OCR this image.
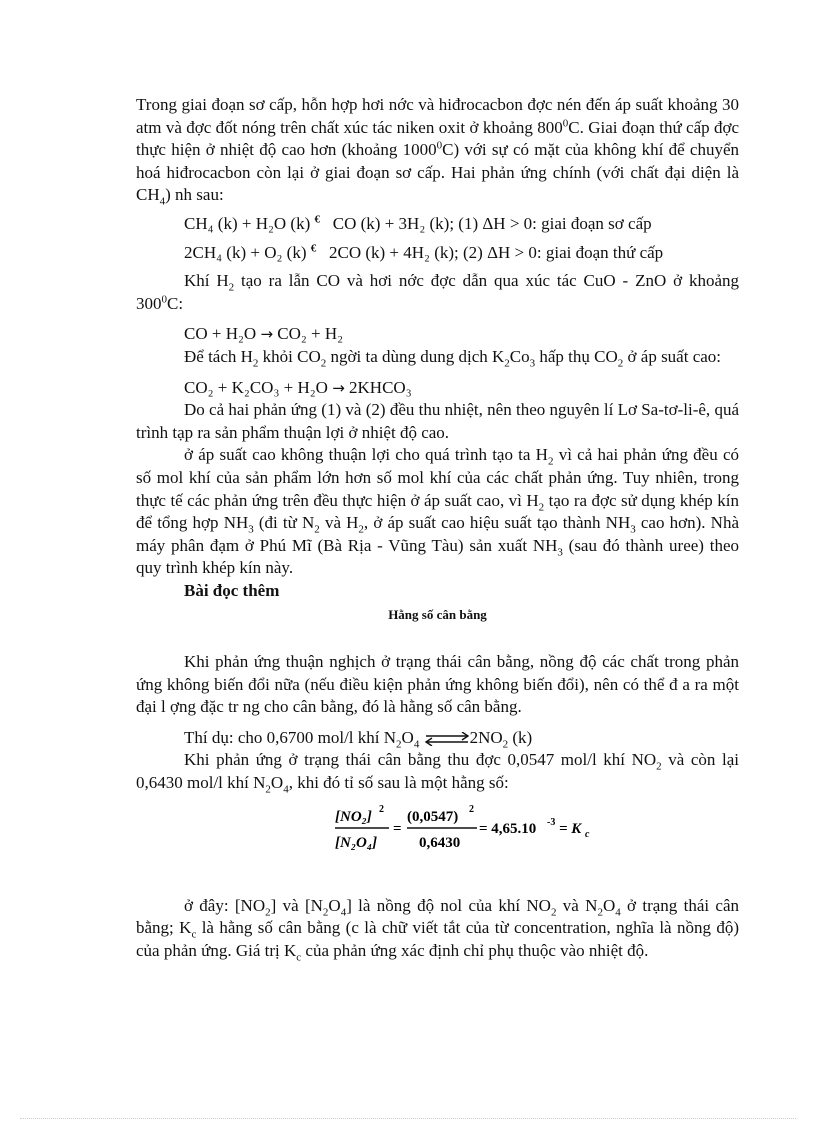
Trong giai đoạn sơ cấp, hỗn hợp hơi nớc và hiđrocacbon đợc nén đến áp suất khoảng 30 atm và đợc đốt nóng trên chất xúc tác niken oxit ở khoảng $800^0C$. Giai đoạn thứ cấp đợc thực hiện ở nhiệt độ cao hơn (khoảng 1000$^0$C) với sự có mặt của không khí để chuyển hoá hiđrocacbon còn lại ở giai đoạn sơ cấp. Hai phản ứng chính (với chất đại diện là $CH_4$) nh sau:

CH₄ (k) + H₂O (k) € CO (k) + 3H₂ (k); (1) ΔH > 0: giai đoạn sơ cấp

2CH₄ (k) + O₂ (k) € 2CO (k) + 4H₂ (k); (2) ΔH > 0: giai đoạn thứ cấp

Khí $H_2$ tạo ra lẫn CO và hơi nớc đợc dẫn qua xúc tác CuO - ZnO ở khoảng $300^0C$:

CO + H₂O → CO₂ + H₂

Để tách $H_2$ khỏi $CO_2$ ngời ta dùng dung dịch $K_2Co_3$ hấp thụ $CO_2$ ở áp suất cao:

CO₂ + K₂CO₃ + H₂O → 2KHCO₃

Do cả hai phản ứng (1) và (2) đều thu nhiệt, nên theo nguyên lí Lơ Sa-tơ-li-ê, quá trình tạp ra sản phẩm thuận lợi ở nhiệt độ cao.

ở áp suất cao không thuận lợi cho quá trình tạo ta $H_2$ vì cả hai phản ứng đều có số mol khí của sản phẩm lớn hơn số mol khí của các chất phản ứng. Tuy nhiên, trong thực tế các phản ứng trên đều thực hiện ở áp suất cao, vì $H_2$ tạo ra đợc sử dụng khép kín để tổng hợp $NH_3$ (đi từ $N_2$ và $H_2$, ở áp suất cao hiệu suất tạo thành $NH_3$ cao hơn). Nhà máy phân đạm ở Phú Mĩ (Bà Rịa - Vũng Tàu) sản xuất $NH_3$ (sau đó thành uree) theo quy trình khép kín này.

Bài đọc thêm

Hằng số cân bằng

Khi phản ứng thuận nghịch ở trạng thái cân bằng, nồng độ các chất trong phản ứng không biến đổi nữa (nếu điều kiện phản ứng không biến đổi), nên có thể đ a ra một đại l ợng đặc tr ng cho cân bằng, đó là hằng số cân bằng.

Thí dụ: cho 0,6700 mol/l khí $N_2O_4$ $\rightleftharpoons 2NO_2$ (k)

Khi phản ứng ở trạng thái cân bằng thu đợc 0,0547 mol/l khí $NO_2$ và còn lại 0,6430 mol/l khí $N_2O_4$, khi đó tỉ số sau là một hằng số:

[NO₂] 2
[N₂O₄]
=
(0,0547) 2
0,6430
= 4,65.10 -3 = K c

ở đây: $[NO_2]$ và $[N_2O_4]$ là nồng độ nol của khí $NO_2$ và $N_2O_4$ ở trạng thái cân bằng; $K_c$ là hằng số cân bằng (c là chữ viết tắt của từ concentration, nghĩa là nồng độ) của phản ứng. Giá trị $K_c$ của phản ứng xác định chỉ phụ thuộc vào nhiệt độ.
